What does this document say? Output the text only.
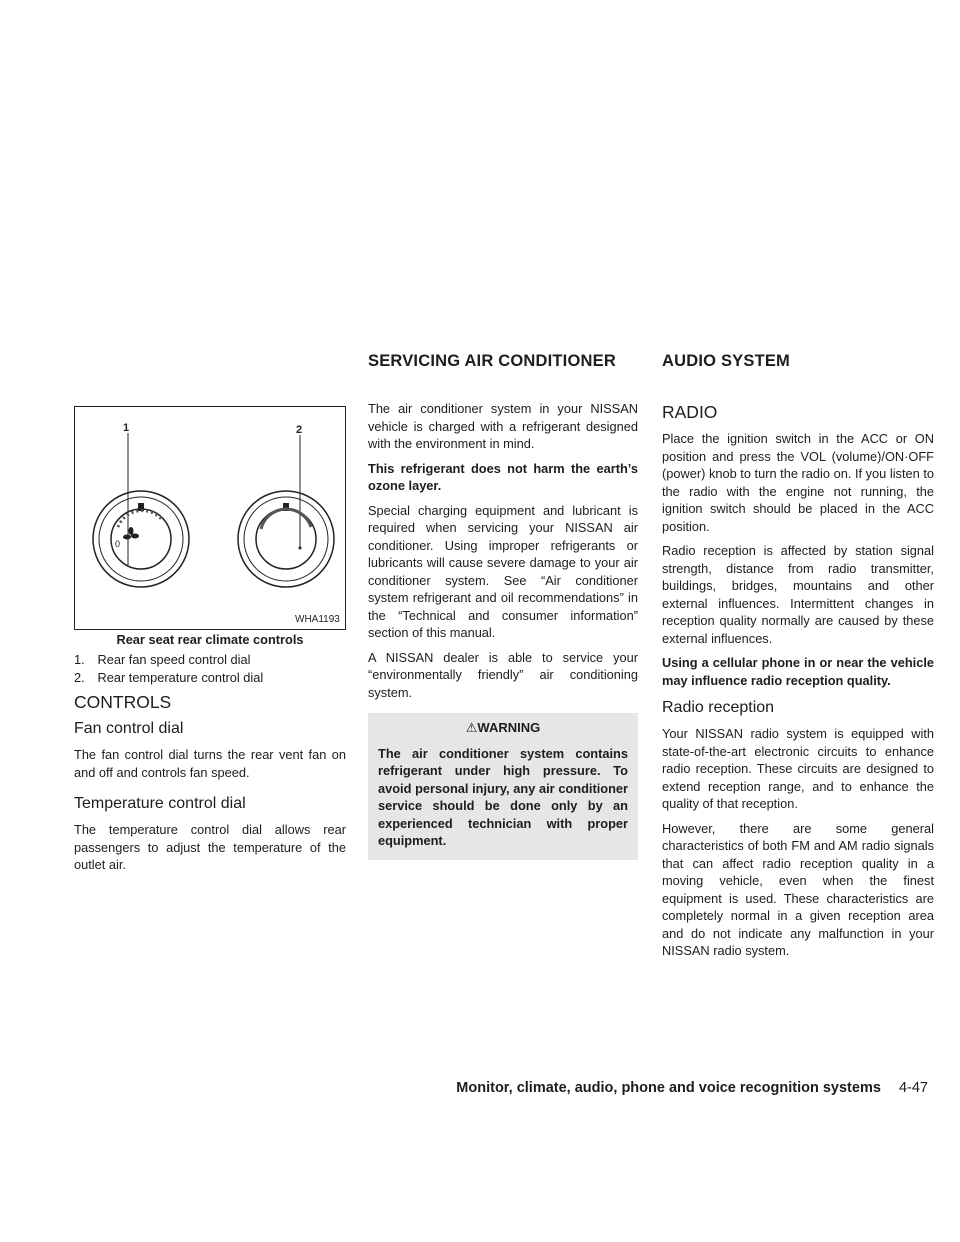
SERVICING AIR CONDITIONER	AUDIO SYSTEM
0
1	2
WHA1193
Rear seat rear climate controls
1. Rear fan speed control dial
2. Rear temperature control dial
CONTROLS
Fan control dial

The fan control dial turns the rear vent fan on and off and controls fan speed.

Temperature control dial

The temperature control dial allows rear passengers to adjust the temperature of the outlet air.

The air conditioner system in your NISSAN vehicle is charged with a refrigerant designed with the environment in mind.

This refrigerant does not harm the earth’s ozone layer.

Special charging equipment and lubricant is required when servicing your NISSAN air conditioner. Using improper refrigerants or lubricants will cause severe damage to your air conditioner system. See “Air conditioner system refrigerant and oil recommendations” in the “Technical and consumer information” section of this manual.

A NISSAN dealer is able to service your “environmentally friendly” air conditioning system.

⚠WARNING
The air conditioner system contains refrigerant under high pressure. To avoid personal injury, any air conditioner service should be done only by an experienced technician with proper equipment.
RADIO

Place the ignition switch in the ACC or ON position and press the VOL (volume)/ON·OFF (power) knob to turn the radio on. If you listen to the radio with the engine not running, the ignition switch should be placed in the ACC position.

Radio reception is affected by station signal strength, distance from radio transmitter, buildings, bridges, mountains and other external influences. Intermittent changes in reception quality normally are caused by these external influences.

Using a cellular phone in or near the vehicle may influence radio reception quality.

Radio reception

Your NISSAN radio system is equipped with state-of-the-art electronic circuits to enhance radio reception. These circuits are designed to extend reception range, and to enhance the quality of that reception.

However, there are some general characteristics of both FM and AM radio signals that can affect radio reception quality in a moving vehicle, even when the finest equipment is used. These characteristics are completely normal in a given reception area and do not indicate any malfunction in your NISSAN radio system.

Monitor, climate, audio, phone and voice recognition systems 4-47
